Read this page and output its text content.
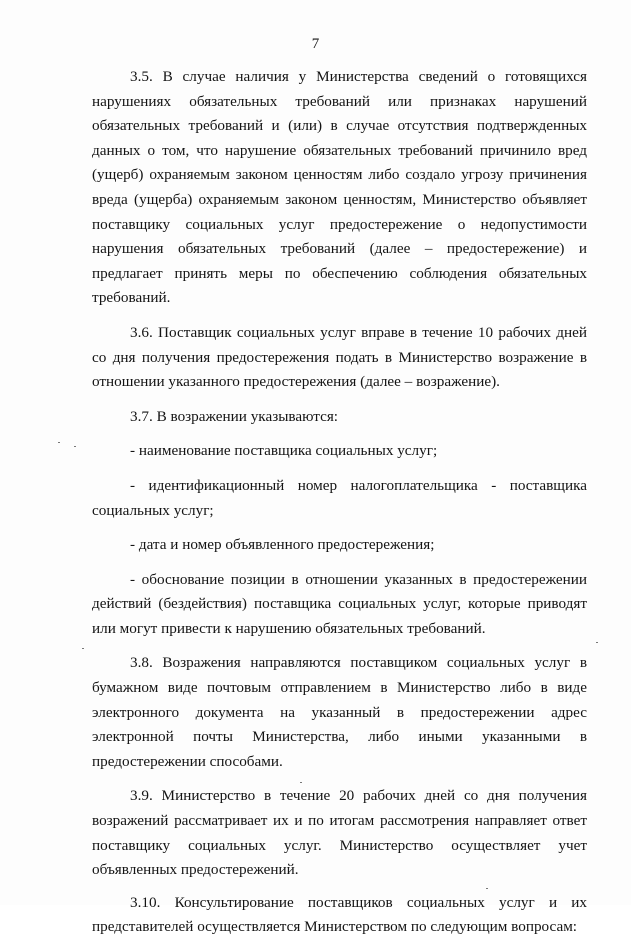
7

3.5. В случае наличия у Министерства сведений о готовящихся нарушениях обязательных требований или признаках нарушений обязательных требований и (или) в случае отсутствия подтвержденных данных о том, что нарушение обязательных требований причинило вред (ущерб) охраняемым законом ценностям либо создало угрозу причинения вреда (ущерба) охраняемым законом ценностям, Министерство объявляет поставщику социальных услуг предостережение о недопустимости нарушения обязательных требований (далее – предостережение) и предлагает принять меры по обеспечению соблюдения обязательных требований.

3.6. Поставщик социальных услуг вправе в течение 10 рабочих дней со дня получения предостережения подать в Министерство возражение в отношении указанного предостережения (далее – возражение).

3.7. В возражении указываются:

- наименование поставщика социальных услуг;

- идентификационный номер налогоплательщика - поставщика социальных услуг;

- дата и номер объявленного предостережения;

- обоснование позиции в отношении указанных в предостережении действий (бездействия) поставщика социальных услуг, которые приводят или могут привести к нарушению обязательных требований.

3.8. Возражения направляются поставщиком социальных услуг в бумажном виде почтовым отправлением в Министерство либо в виде электронного документа на указанный в предостережении адрес электронной почты Министерства, либо иными указанными в предостережении способами.

3.9. Министерство в течение 20 рабочих дней со дня получения возражений рассматривает их и по итогам рассмотрения направляет ответ поставщику социальных услуг. Министерство осуществляет учет объявленных предостережений.

3.10. Консультирование поставщиков социальных услуг и их представителей осуществляется Министерством по следующим вопросам:
